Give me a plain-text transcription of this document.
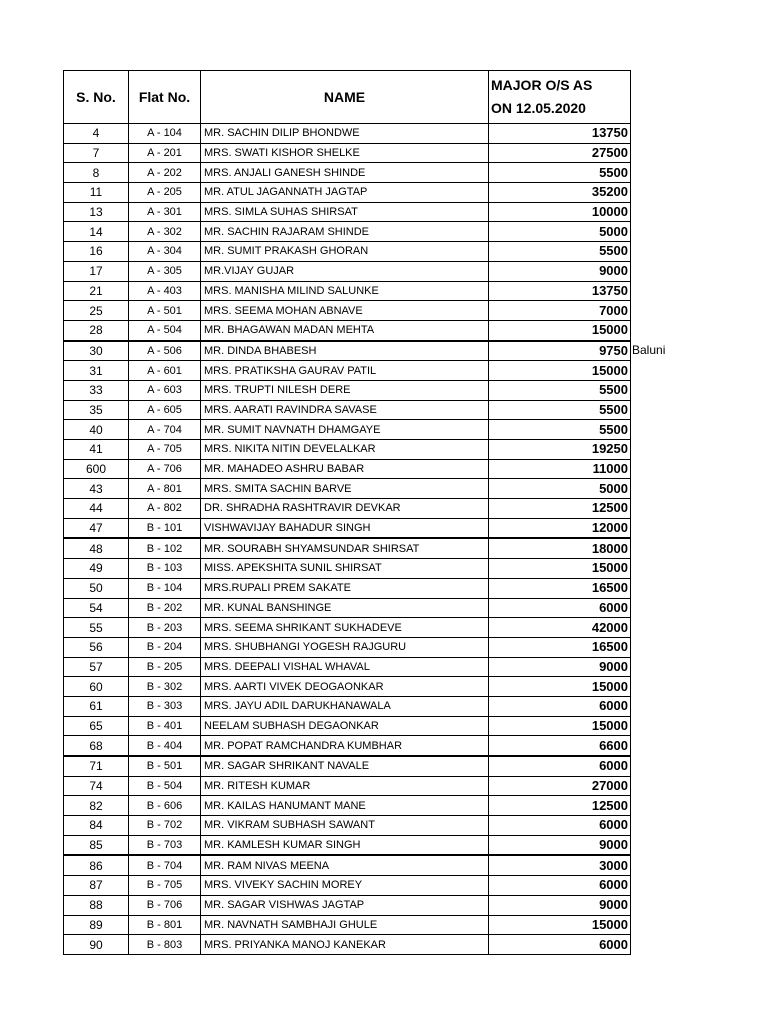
S. No.	Flat No.	NAME	MAJOR O/S AS
ON 12.05.2020
4	A - 104	MR. SACHIN DILIP BHONDWE	13750
7	A - 201	MRS. SWATI KISHOR SHELKE	27500
8	A - 202	MRS. ANJALI GANESH SHINDE	5500
11	A - 205	MR. ATUL JAGANNATH JAGTAP	35200
13	A - 301	MRS. SIMLA SUHAS SHIRSAT	10000
14	A - 302	MR. SACHIN RAJARAM SHINDE	5000
16	A - 304	MR. SUMIT PRAKASH GHORAN	5500
17	A - 305	MR.VIJAY GUJAR	9000
21	A - 403	MRS. MANISHA MILIND SALUNKE	13750
25	A - 501	MRS. SEEMA MOHAN ABNAVE	7000
28	A - 504	MR. BHAGAWAN MADAN MEHTA	15000
30	A - 506	MR. DINDA BHABESH	9750
31	A - 601	MRS. PRATIKSHA GAURAV PATIL	15000
33	A - 603	MRS. TRUPTI NILESH DERE	5500
35	A - 605	MRS. AARATI RAVINDRA SAVASE	5500
40	A - 704	MR. SUMIT NAVNATH DHAMGAYE	5500
41	A - 705	MRS. NIKITA NITIN DEVELALKAR	19250
600	A - 706	MR. MAHADEO ASHRU BABAR	11000
43	A - 801	MRS. SMITA SACHIN BARVE	5000
44	A - 802	DR. SHRADHA RASHTRAVIR DEVKAR	12500
47	B - 101	VISHWAVIJAY BAHADUR SINGH	12000
48	B - 102	MR. SOURABH SHYAMSUNDAR SHIRSAT	18000
49	B - 103	MISS. APEKSHITA SUNIL SHIRSAT	15000
50	B - 104	MRS.RUPALI PREM SAKATE	16500
54	B - 202	MR. KUNAL BANSHINGE	6000
55	B - 203	MRS. SEEMA SHRIKANT SUKHADEVE	42000
56	B - 204	MRS. SHUBHANGI YOGESH RAJGURU	16500
57	B - 205	MRS. DEEPALI VISHAL WHAVAL	9000
60	B - 302	MRS. AARTI VIVEK DEOGAONKAR	15000
61	B - 303	MRS. JAYU ADIL DARUKHANAWALA	6000
65	B - 401	NEELAM SUBHASH DEGAONKAR	15000
68	B - 404	MR. POPAT RAMCHANDRA KUMBHAR	6600
71	B - 501	MR. SAGAR SHRIKANT NAVALE	6000
74	B - 504	MR. RITESH KUMAR	27000
82	B - 606	MR. KAILAS HANUMANT MANE	12500
84	B - 702	MR. VIKRAM SUBHASH SAWANT	6000
85	B - 703	MR. KAMLESH KUMAR SINGH	9000
86	B - 704	MR. RAM NIVAS MEENA	3000
87	B - 705	MRS. VIVEKY SACHIN MOREY	6000
88	B - 706	MR. SAGAR VISHWAS JAGTAP	9000
89	B - 801	MR. NAVNATH SAMBHAJI GHULE	15000
90	B - 803	MRS. PRIYANKA MANOJ KANEKAR	6000
Baluni
